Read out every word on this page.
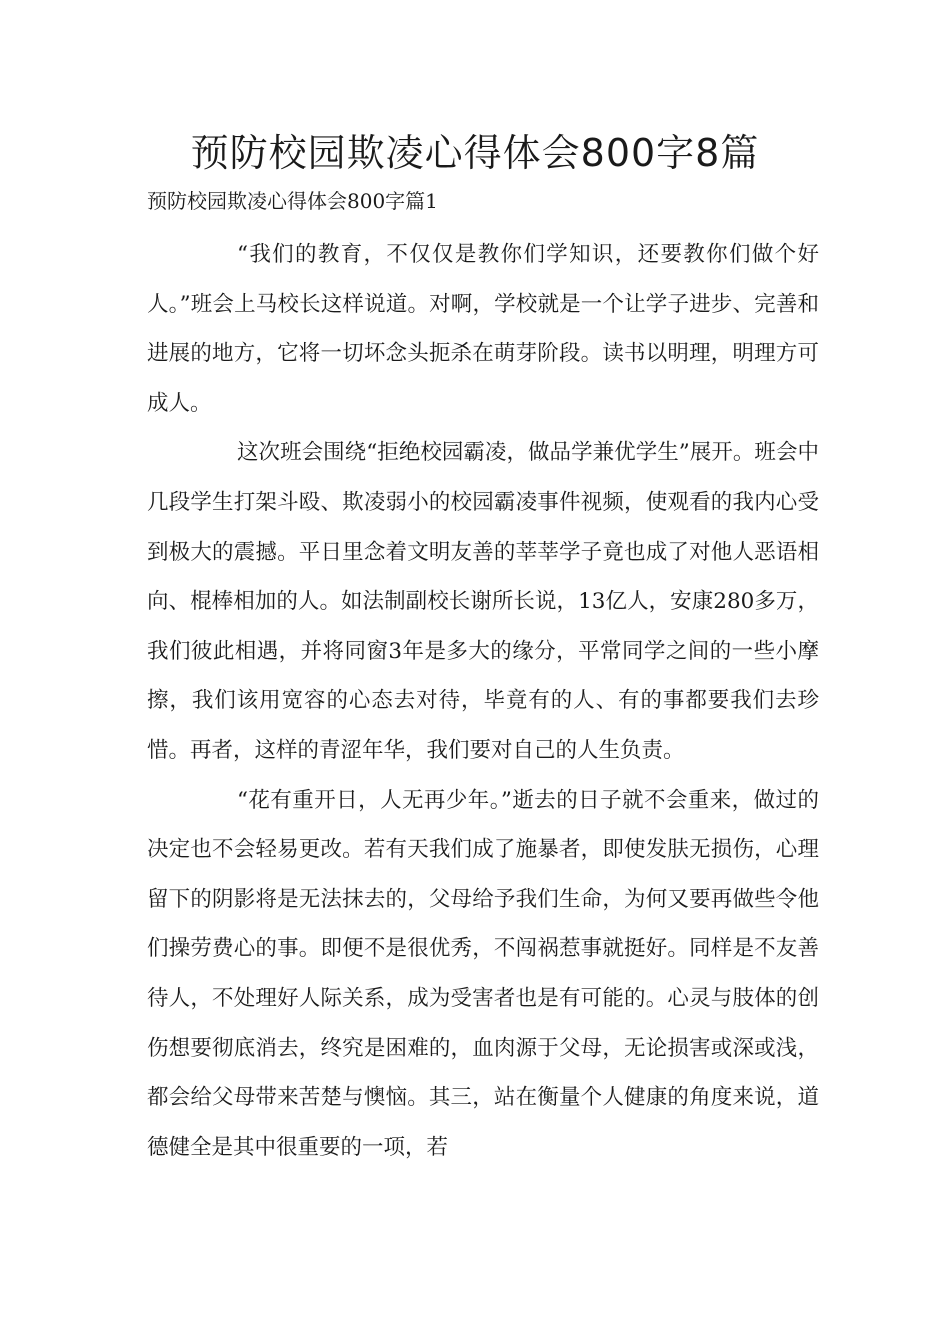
预防校园欺凌心得体会800字8篇
预防校园欺凌心得体会800字篇1

“我们的教育，不仅仅是教你们学知识，还要教你们做个好人。”班会上马校长这样说道。对啊，学校就是一个让学子进步、完善和进展的地方，它将一切坏念头扼杀在萌芽阶段。读书以明理，明理方可成人。

这次班会围绕“拒绝校园霸凌，做品学兼优学生”展开。班会中几段学生打架斗殴、欺凌弱小的校园霸凌事件视频，使观看的我内心受到极大的震撼。平日里念着文明友善的莘莘学子竟也成了对他人恶语相向、棍棒相加的人。如法制副校长谢所长说，13亿人，安康280多万，我们彼此相遇，并将同窗3年是多大的缘分，平常同学之间的一些小摩擦，我们该用宽容的心态去对待，毕竟有的人、有的事都要我们去珍惜。再者，这样的青涩年华，我们要对自己的人生负责。

“花有重开日，人无再少年。”逝去的日子就不会重来，做过的决定也不会轻易更改。若有天我们成了施暴者，即使发肤无损伤，心理留下的阴影将是无法抹去的，父母给予我们生命，为何又要再做些令他们操劳费心的事。即便不是很优秀，不闯祸惹事就挺好。同样是不友善待人，不处理好人际关系，成为受害者也是有可能的。心灵与肢体的创伤想要彻底消去，终究是困难的，血肉源于父母，无论损害或深或浅，都会给父母带来苦楚与懊恼。其三，站在衡量个人健康的角度来说，道德健全是其中很重要的一项，若
